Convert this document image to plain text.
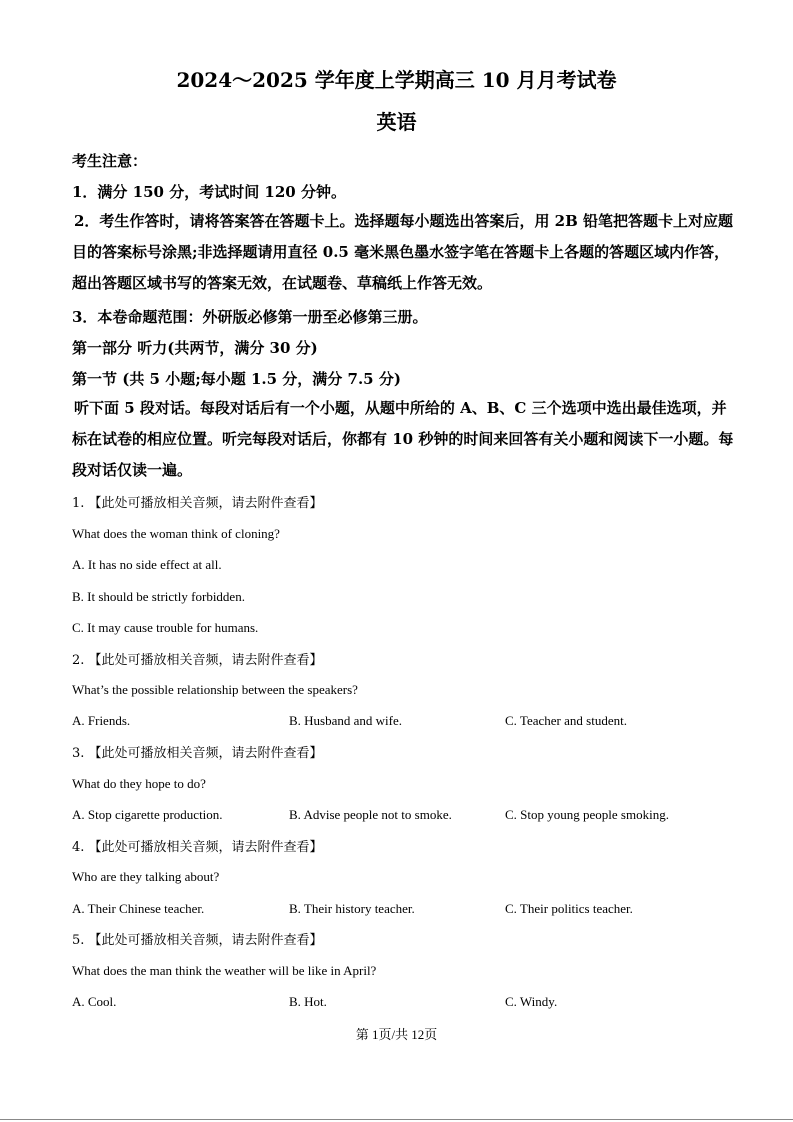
2024～2025 学年度上学期高三 10 月月考试卷
英语
考生注意：
1．满分 150 分，考试时间 120 分钟。
2．考生作答时，请将答案答在答题卡上。选择题每小题选出答案后，用 2B 铅笔把答题卡上对应题目的答案标号涂黑;非选择题请用直径 0.5 毫米黑色墨水签字笔在答题卡上各题的答题区域内作答，超出答题区域书写的答案无效，在试题卷、草稿纸上作答无效。
3．本卷命题范围：外研版必修第一册至必修第三册。
第一部分 听力(共两节，满分 30 分)
第一节 (共 5 小题;每小题 1.5 分，满分 7.5 分)
听下面 5 段对话。每段对话后有一个小题，从题中所给的 A、B、C 三个选项中选出最佳选项，并标在试卷的相应位置。听完每段对话后，你都有 10 秒钟的时间来回答有关小题和阅读下一小题。每段对话仅读一遍。
1. 【此处可播放相关音频，请去附件查看】
What does the woman think of cloning?
A. It has no side effect at all.
B. It should be strictly forbidden.
C. It may cause trouble for humans.
2. 【此处可播放相关音频，请去附件查看】
What’s the possible relationship between the speakers?
A. Friends.	B. Husband and wife.	C. Teacher and student.
3. 【此处可播放相关音频，请去附件查看】
What do they hope to do?
A. Stop cigarette production.	B. Advise people not to smoke.	C. Stop young people smoking.
4. 【此处可播放相关音频，请去附件查看】
Who are they talking about?
A. Their Chinese teacher.	B. Their history teacher.	C. Their politics teacher.
5. 【此处可播放相关音频，请去附件查看】
What does the man think the weather will be like in April?
A. Cool.	B. Hot.	C. Windy.
第 1页/共 12页
